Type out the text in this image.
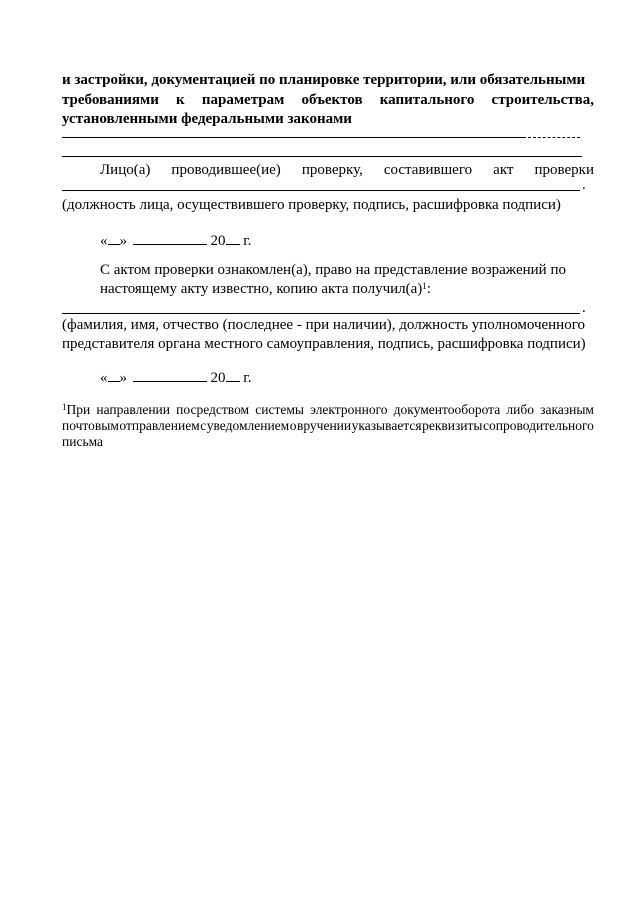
и застройки, документацией по планировке территории, или обязательными
требованиями к параметрам объектов капитального строительства,
установленными федеральными законами
Лицо(а) проводившее(ие) проверку, составившего акт проверки
.
(должность лица, осуществившего проверку, подпись, расшифровка подписи)
« »	20 г.
С актом проверки ознакомлен(а), право на представление возражений по
настоящему акту известно, копию акта $получил(а)^1$:
.
(фамилия, имя, отчество (последнее - при наличии), должность уполномоченного
представителя органа местного самоуправления, подпись, расшифровка подписи)
« »	20 г.
$^1$При направлении посредством системы электронного документооборота либо заказным
почтовым отправлением с уведомлением о вручении указывается реквизиты сопроводительного
письма
